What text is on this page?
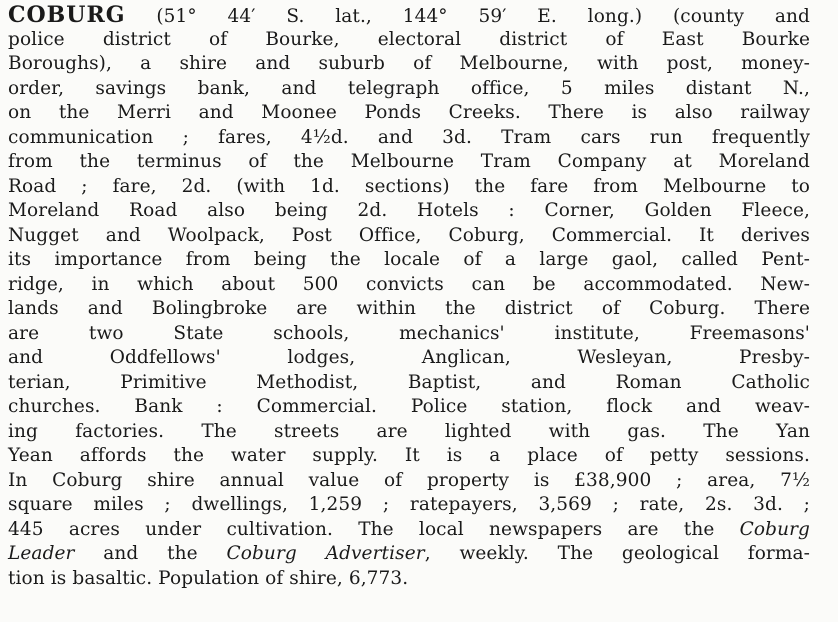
COBURG (51° 44′ S. lat., 144° 59′ E. long.) (county and
police district of Bourke, electoral district of East Bourke
Boroughs), a shire and suburb of Melbourne, with post, money-
order, savings bank, and telegraph office, 5 miles distant N.,
on the Merri and Moonee Ponds Creeks. There is also railway
communication ; fares, 4½d. and 3d. Tram cars run frequently
from the terminus of the Melbourne Tram Company at Moreland
Road ; fare, 2d. (with 1d. sections) the fare from Melbourne to
Moreland Road also being 2d. Hotels : Corner, Golden Fleece,
Nugget and Woolpack, Post Office, Coburg, Commercial. It derives
its importance from being the locale of a large gaol, called Pent-
ridge, in which about 500 convicts can be accommodated. New-
lands and Bolingbroke are within the district of Coburg. There
are two State schools, mechanics' institute, Freemasons'
and Oddfellows' lodges, Anglican, Wesleyan, Presby-
terian, Primitive Methodist, Baptist, and Roman Catholic
churches. Bank : Commercial. Police station, flock and weav-
ing factories. The streets are lighted with gas. The Yan
Yean affords the water supply. It is a place of petty sessions.
In Coburg shire annual value of property is £38,900 ; area, 7½
square miles ; dwellings, 1,259 ; ratepayers, 3,569 ; rate, 2s. 3d. ;
445 acres under cultivation. The local newspapers are the Coburg
Leader and the Coburg Advertiser, weekly. The geological forma-
tion is basaltic. Population of shire, 6,773.
